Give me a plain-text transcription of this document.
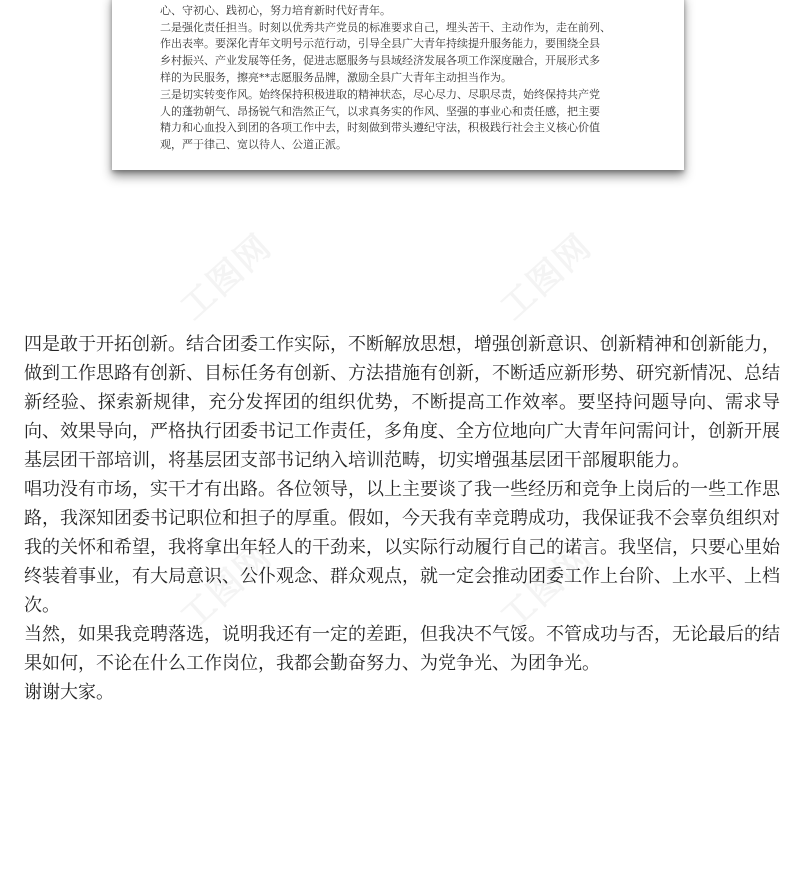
心、守初心、践初心，努力培育新时代好青年。

二是强化责任担当。时刻以优秀共产党员的标准要求自己，埋头苦干、主动作为，走在前列、

作出表率。要深化青年文明号示范行动，引导全县广大青年持续提升服务能力，要围绕全县

乡村振兴、产业发展等任务，促进志愿服务与县域经济发展各项工作深度融合，开展形式多

样的为民服务，擦亮**志愿服务品牌，激励全县广大青年主动担当作为。

三是切实转变作风。始终保持积极进取的精神状态，尽心尽力、尽职尽责，始终保持共产党

人的蓬勃朝气、昂扬锐气和浩然正气，以求真务实的作风、坚强的事业心和责任感，把主要

精力和心血投入到团的各项工作中去，时刻做到带头遵纪守法，积极践行社会主义核心价值

观，严于律己、宽以待人、公道正派。

工图网	工图网
工图网	工图网

四是敢于开拓创新。结合团委工作实际，不断解放思想，增强创新意识、创新精神和创新能力，做到工作思路有创新、目标任务有创新、方法措施有创新，不断适应新形势、研究新情况、总结新经验、探索新规律，充分发挥团的组织优势，不断提高工作效率。要坚持问题导向、需求导向、效果导向，严格执行团委书记工作责任，多角度、全方位地向广大青年问需问计，创新开展基层团干部培训，将基层团支部书记纳入培训范畴，切实增强基层团干部履职能力。

唱功没有市场，实干才有出路。各位领导，以上主要谈了我一些经历和竞争上岗后的一些工作思路，我深知团委书记职位和担子的厚重。假如，今天我有幸竞聘成功，我保证我不会辜负组织对我的关怀和希望，我将拿出年轻人的干劲来，以实际行动履行自己的诺言。我坚信，只要心里始终装着事业，有大局意识、公仆观念、群众观点，就一定会推动团委工作上台阶、上水平、上档次。

当然，如果我竞聘落选，说明我还有一定的差距，但我决不气馁。不管成功与否，无论最后的结果如何，不论在什么工作岗位，我都会勤奋努力、为党争光、为团争光。

谢谢大家。
